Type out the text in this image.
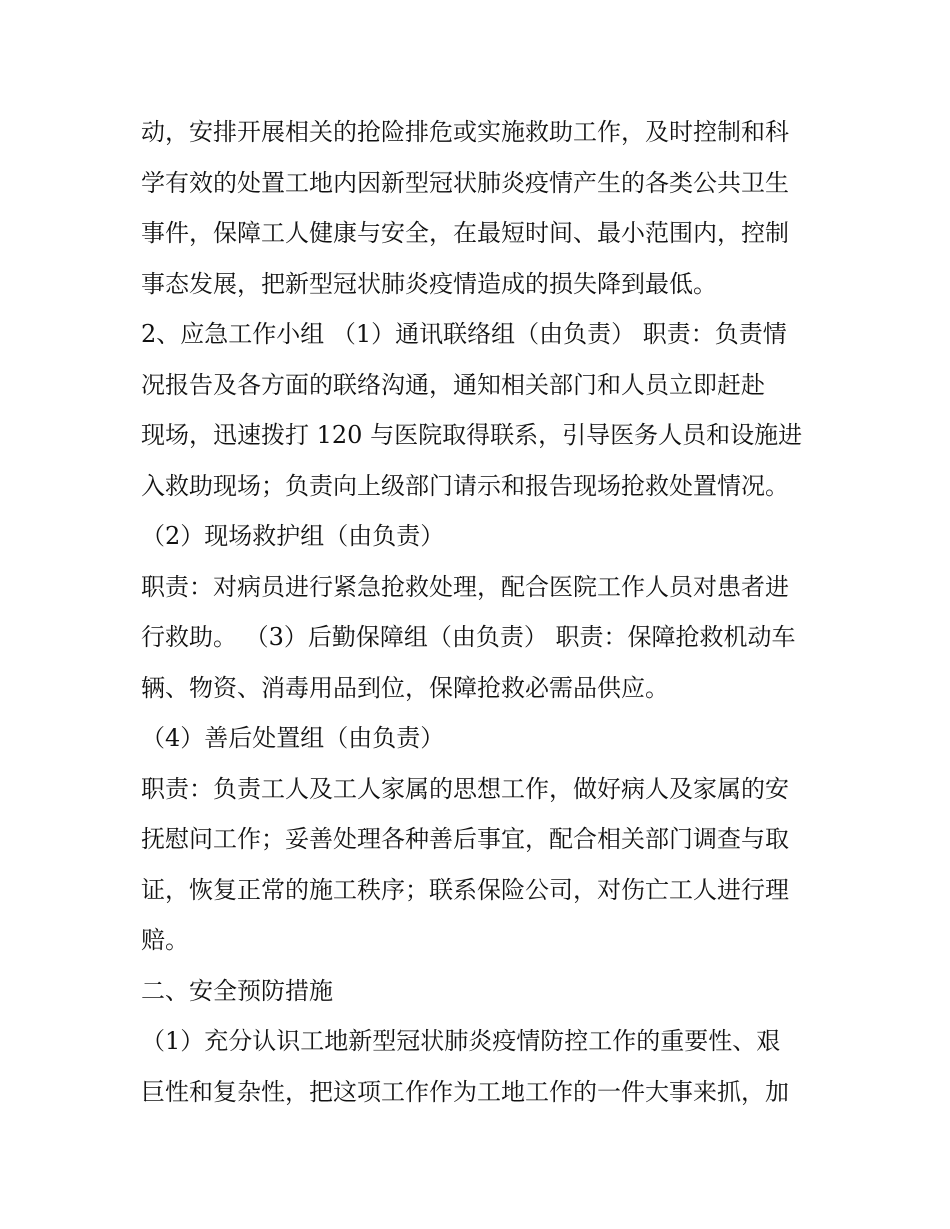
动，安排开展相关的抢险排危或实施救助工作，及时控制和科
学有效的处置工地内因新型冠状肺炎疫情产生的各类公共卫生
事件，保障工人健康与安全，在最短时间、最小范围内，控制
事态发展，把新型冠状肺炎疫情造成的损失降到最低。
2、应急工作小组 （1）通讯联络组（由负责） 职责：负责情
况报告及各方面的联络沟通，通知相关部门和人员立即赶赴
现场，迅速拨打 120 与医院取得联系，引导医务人员和设施进
入救助现场；负责向上级部门请示和报告现场抢救处置情况。
（2）现场救护组（由负责）
职责：对病员进行紧急抢救处理，配合医院工作人员对患者进
行救助。 （3）后勤保障组（由负责） 职责：保障抢救机动车
辆、物资、消毒用品到位，保障抢救必需品供应。
（4）善后处置组（由负责）
职责：负责工人及工人家属的思想工作，做好病人及家属的安
抚慰问工作；妥善处理各种善后事宜，配合相关部门调查与取
证，恢复正常的施工秩序；联系保险公司，对伤亡工人进行理
赔。
二、安全预防措施
（1）充分认识工地新型冠状肺炎疫情防控工作的重要性、艰
巨性和复杂性，把这项工作作为工地工作的一件大事来抓，加
